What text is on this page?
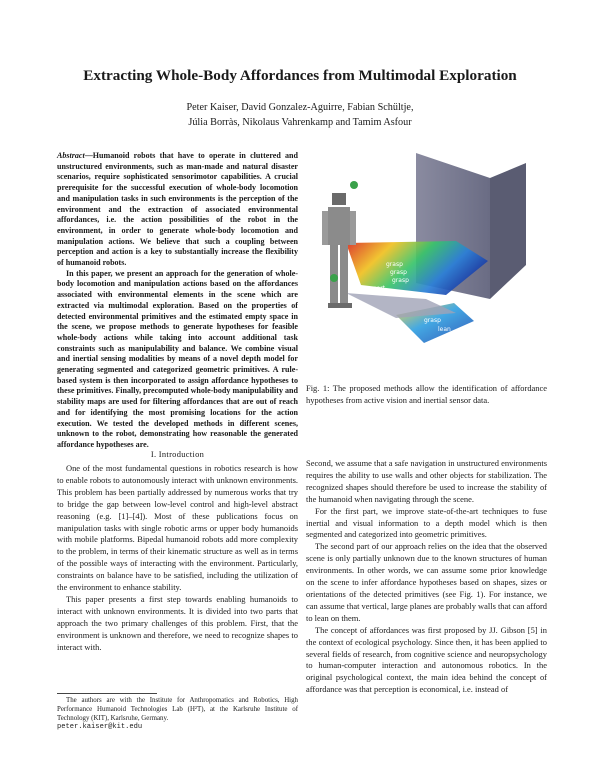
Extracting Whole-Body Affordances from Multimodal Exploration
Peter Kaiser, David Gonzalez-Aguirre, Fabian Schültje,
Júlia Borràs, Nikolaus Vahrenkamp and Tamim Asfour

Abstract—Humanoid robots that have to operate in cluttered and unstructured environments, such as man-made and natural disaster scenarios, require sophisticated sensorimotor capabilities. A crucial prerequisite for the successful execution of whole-body locomotion and manipulation tasks in such environments is the perception of the environment and the extraction of associated environmental affordances, i.e. the action possibilities of the robot in the environment, in order to generate whole-body locomotion and manipulation actions. We believe that such a coupling between perception and action is a key to substantially increase the flexibility of humanoid robots.

In this paper, we present an approach for the generation of whole-body locomotion and manipulation actions based on the affordances associated with environmental elements in the scene which are extracted via multimodal exploration. Based on the properties of detected environmental primitives and the estimated empty space in the scene, we propose methods to generate hypotheses for feasible whole-body actions while taking into account additional task constraints such as manipulability and balance. We combine visual and inertial sensing modalities by means of a novel depth model for generating segmented and categorized geometric primitives. A rule-based system is then incorporated to assign affordance hypotheses to these primitives. Finally, precomputed whole-body manipulability and stability maps are used for filtering affordances that are out of reach and for identifying the most promising locations for the action execution. We tested the developed methods in different scenes, unknown to the robot, demonstrating how reasonable the generated affordance hypotheses are.

I. Introduction

One of the most fundamental questions in robotics research is how to enable robots to autonomously interact with unknown environments. This problem has been partially addressed by numerous works that try to bridge the gap between low-level control and high-level abstract reasoning (e.g. [1]–[4]). Most of these publications focus on manipulation tasks with single robotic arms or upper body humanoids with mobile platforms. Bipedal humanoid robots add more complexity to the problem, in terms of their kinematic structure as well as in terms of the possible ways of interacting with the environment. Particularly, constraints on balance have to be satisfied, including the utilization of the environment to enhance stability.

This paper presents a first step towards enabling humanoids to interact with unknown environments. It is divided into two parts that approach the two primary challenges of this problem. First, that the environment is unknown and therefore, we need to recognize shapes to interact with.

The authors are with the Institute for Anthropomatics and Robotics, High Performance Humanoid Technologies Lab (H²T), at the Karlsruhe Institute of Technology (KIT), Karlsruhe, Germany.
peter.kaiser@kit.edu
grasp
grasp
grasp
support
grasp
lean
Fig. 1: The proposed methods allow the identification of affordance hypotheses from active vision and inertial sensor data.

Second, we assume that a safe navigation in unstructured environments requires the ability to use walls and other objects for stabilization. The recognized shapes should therefore be used to increase the stability of the humanoid when navigating through the scene.

For the first part, we improve state-of-the-art techniques to fuse inertial and visual information to a depth model which is then segmented and categorized into geometric primitives.

The second part of our approach relies on the idea that the observed scene is only partially unknown due to the known structures of human environments. In other words, we can assume some prior knowledge on the scene to infer affordance hypotheses based on shapes, sizes or orientations of the detected primitives (see Fig. 1). For instance, we can assume that vertical, large planes are probably walls that can afford to lean on them.

The concept of affordances was first proposed by JJ. Gibson [5] in the context of ecological psychology. Since then, it has been applied to several fields of research, from cognitive science and neuropsychology to human-computer interaction and autonomous robotics. In the original psychological context, the main idea behind the concept of affordance was that perception is economical, i.e. instead of
